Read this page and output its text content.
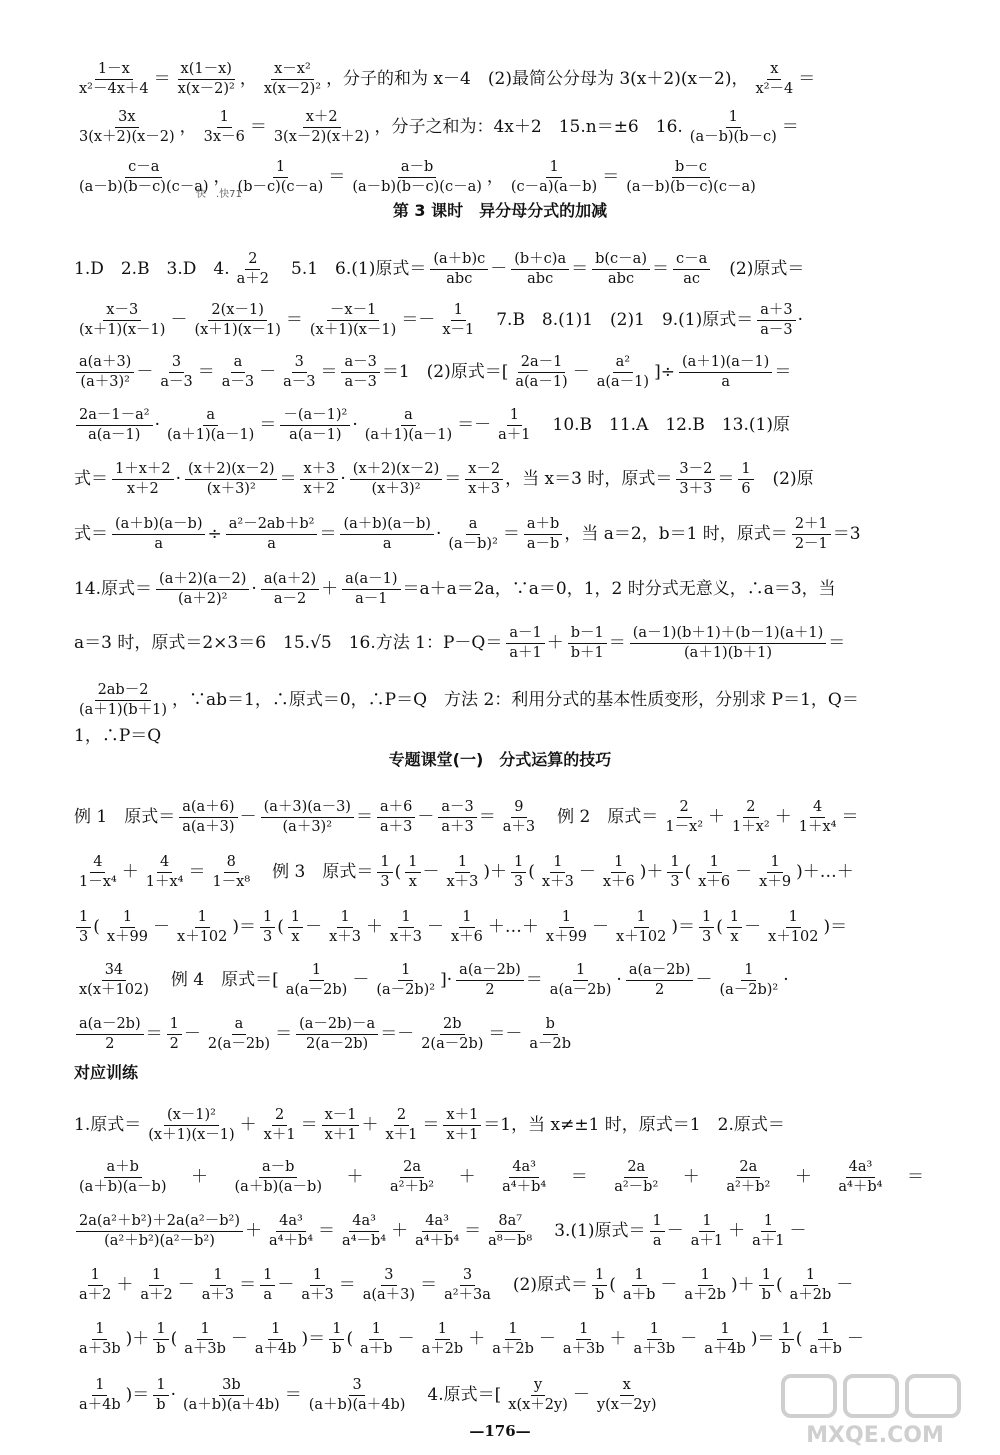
$\frac{1-x}{\text{x²－4x＋4}} = \frac{x(1-x)}{\text{x(x－2)²}}$ ， $\frac{\text{x－x²}}{\text{x(x－2)²}}$ ，分子的和为 x－4　(2)最简公分母为 3(x＋2)(x－2)， $\frac{x}{\text{x²－4}}$ ＝
$\frac{3x}{3(x+2)(x-2)}$ ， $\frac{1}{3x-6} = \frac{x+2}{3(x-2)(x+2)}$ ，分子之和为：4x＋2　15.n＝±6　16. $\frac{1}{(a-b)(b-c)}$ ＝
$\frac{c-a}{(a-b)(b-c)(c-a)}$ ， $\frac{1}{(b-c)(c-a)} = \frac{a-b}{(a-b)(b-c)(c-a)}$ ， $\frac{1}{(c-a)(a-b)} = \frac{b-c}{(a-b)(b-c)(c-a)}$
1.D　2.B　3.D　4. $\frac{2}{a+2}$ 　5.1　6.(1)原式＝ $\frac{(a+b)c}{\text{abc}} - \frac{(b+c)a}{\text{abc}} = \frac{b(c-a)}{\text{abc}} = \frac{c-a}{ac}$ 　(2)原式＝
$\frac{x-3}{(x+1)(x-1)} - \frac{2(x-1)}{(x+1)(x-1)} = \frac{-x-1}{(x+1)(x-1)} =- \frac{1}{x-1}$ 　7.B　8.(1)1　(2)1　9.(1)原式＝ $\frac{a+3}{a-3}$ ·
$\frac{a(a+3)}{\text{(a＋3)²}} - \frac{3}{a-3} = \frac{a}{a-3} - \frac{3}{a-3} = \frac{a-3}{a-3} =1$　(2)原式＝[ $\frac{2a-1}{a(a-1)} - \frac{\text{a²}}{a(a-1)}$ ]÷ $\frac{(a+1)(a-1)}{a}$ ＝
$\frac{\text{2a－1－a²}}{a(a-1)} \cdot \frac{a}{(a+1)(a-1)} = \frac{\text{－(a－1)²}}{a(a-1)} \cdot \frac{a}{(a+1)(a-1)} =- \frac{1}{a+1}$ 　10.B　11.A　12.B　13.(1)原
式＝ $\frac{1+x+2}{x+2} \cdot \frac{(x+2)(x-2)}{\text{(x＋3)²}} = \frac{x+3}{x+2} \cdot \frac{(x+2)(x-2)}{\text{(x＋3)²}} = \frac{x-2}{x+3}$ ，当 x＝3 时，原式＝ $\frac{3-2}{3+3} = \frac{1}{6}$ 　(2)原
式＝ $\frac{(a+b)(a-b)}{a} \div \frac{\text{a²－2ab＋b²}}{a} = \frac{(a+b)(a-b)}{a} \cdot \frac{a}{\text{(a－b)²}} = \frac{a+b}{a-b}$ ，当 a＝2，b＝1 时，原式＝ $\frac{2+1}{2-1} =3$
14.原式＝ $\frac{(a+2)(a-2)}{\text{(a＋2)²}} \cdot \frac{a(a+2)}{a-2} + \frac{a(a-1)}{a-1} =a+a=2a$，∵a＝0，1，2 时分式无意义，∴a＝3，当
a＝3 时，原式＝2×3＝6　15.√5　16.方法 1：$P-Q= \frac{a-1}{a+1} + \frac{b-1}{b+1} = \frac{(a-1)(b+1)+(b-1)(a+1)}{(a+1)(b+1)}$ ＝
$\frac{2ab-2}{(a+1)(b+1)}$ ，∵ab＝1，∴原式＝0，∴P＝Q　方法 2：利用分式的基本性质变形，分别求 P＝1，Q＝
1，∴P＝Q
例 1　原式＝ $\frac{a(a+6)}{a(a+3)} - \frac{(a+3)(a-3)}{\text{(a＋3)²}} = \frac{a+6}{a+3} - \frac{a-3}{a+3} = \frac{9}{a+3}$ 　例 2　原式＝ $\frac{2}{\text{1－x²}} + \frac{2}{\text{1＋x²}} + \frac{4}{\text{1＋x⁴}}$ ＝
$\frac{4}{\text{1－x⁴}} + \frac{4}{\text{1＋x⁴}} = \frac{8}{\text{1－x⁸}}$ 　例 3　原式＝ $\frac{1}{3}$ ( $\frac{1}{x} - \frac{1}{x+3}$ )＋ $\frac{1}{3}$ ( $\frac{1}{x+3} - \frac{1}{x+6}$ )＋ $\frac{1}{3}$ ( $\frac{1}{x+6} - \frac{1}{x+9}$ )＋…＋
$\frac{1}{3}$ ( $\frac{1}{x+99} - \frac{1}{x+102}$ )＝ $\frac{1}{3}$ ( $\frac{1}{x} - \frac{1}{x+3} + \frac{1}{x+3} - \frac{1}{x+6}$ ＋…＋ $\frac{1}{x+99} - \frac{1}{x+102}$ )＝ $\frac{1}{3}$ ( $\frac{1}{x} - \frac{1}{x+102}$ )＝
$\frac{34}{x(x+102)}$ 　例 4　原式＝[ $\frac{1}{a(a-2b)} - \frac{1}{\text{(a－2b)²}}$ ]· $\frac{a(a-2b)}{2} = \frac{1}{a(a-2b)} \cdot \frac{a(a-2b)}{2} - \frac{1}{\text{(a－2b)²}}$ ·
$\frac{a(a-2b)}{2} = \frac{1}{2} - \frac{a}{2(a-2b)} = \frac{(a-2b)-a}{2(a-2b)} =- \frac{2b}{2(a-2b)} =- \frac{b}{a-2b}$
1.原式＝ $\frac{\text{(x－1)²}}{(x+1)(x-1)} + \frac{2}{x+1} = \frac{x-1}{x+1} + \frac{2}{x+1} = \frac{x+1}{x+1} =1$，当 x≠±1 时，原式＝1　2.原式＝
$\frac{a+b}{(a+b)(a-b)} + \frac{a-b}{(a+b)(a-b)} + \frac{2a}{\text{a²＋b²}} + \frac{\text{4a³}}{\text{a⁴＋b⁴}} = \frac{2a}{\text{a²－b²}} + \frac{2a}{\text{a²＋b²}} + \frac{\text{4a³}}{\text{a⁴＋b⁴}}$ ＝
$\frac{\text{2a(a²＋b²)＋2a(a²－b²)}}{\text{(a²＋b²)(a²－b²)}} + \frac{\text{4a³}}{\text{a⁴＋b⁴}} = \frac{\text{4a³}}{\text{a⁴－b⁴}} + \frac{\text{4a³}}{\text{a⁴＋b⁴}} = \frac{\text{8a⁷}}{\text{a⁸－b⁸}}$ 　3.(1)原式＝ $\frac{1}{a} - \frac{1}{a+1} + \frac{1}{a+1}$ －
$\frac{1}{a+2} + \frac{1}{a+2} - \frac{1}{a+3} = \frac{1}{a} - \frac{1}{a+3} = \frac{3}{a(a+3)} = \frac{3}{\text{a²＋3a}}$ 　(2)原式＝ $\frac{1}{b}$ ( $\frac{1}{a+b} - \frac{1}{a+2b}$ )＋ $\frac{1}{b}$ ( $\frac{1}{a+2b}$ －
$\frac{1}{a+3b}$ )＋ $\frac{1}{b}$ ( $\frac{1}{a+3b} - \frac{1}{a+4b}$ )＝ $\frac{1}{b}$ ( $\frac{1}{a+b} - \frac{1}{a+2b} + \frac{1}{a+2b} - \frac{1}{a+3b} + \frac{1}{a+3b} - \frac{1}{a+4b}$ )＝ $\frac{1}{b}$ ( $\frac{1}{a+b}$ －
$\frac{1}{a+4b}$ )＝ $\frac{1}{b} \cdot \frac{3b}{(a+b)(a+4b)} = \frac{3}{(a+b)(a+4b)}$ 　4.原式＝[ $\frac{y}{x(x+2y)} - \frac{x}{y(x-2y)}$
快　.快71
第 3 课时　异分母分式的加减
专题课堂(一)　分式运算的技巧
对应训练
—176—	MXQE.COM
